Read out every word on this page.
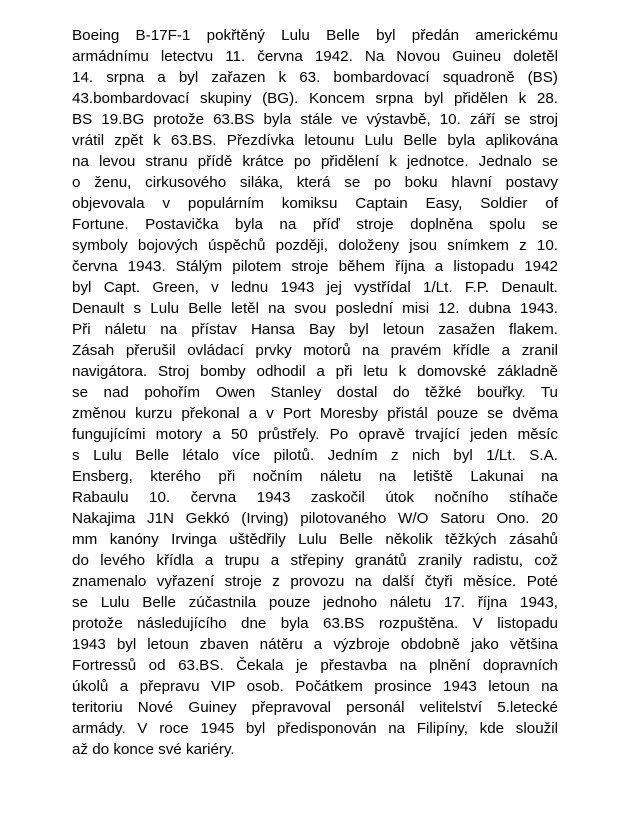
Boeing B-17F-1 pokřtěný Lulu Belle byl předán americkému
armádnímu letectvu 11. června 1942. Na Novou Guineu doletěl
14. srpna a byl zařazen k 63. bombardovací squadroně (BS)
43.bombardovací skupiny (BG). Koncem srpna byl přidělen k 28.
BS 19.BG protože 63.BS byla stále ve výstavbě, 10. září se stroj
vrátil zpět k 63.BS. Přezdívka letounu Lulu Belle byla aplikována
na levou stranu přídě krátce po přidělení k jednotce. Jednalo se
o ženu, cirkusového siláka, která se po boku hlavní postavy
objevovala v populárním komiksu Captain Easy, Soldier of
Fortune. Postavička byla na příď stroje doplněna spolu se
symboly bojových úspěchů později, doloženy jsou snímkem z 10.
června 1943. Stálým pilotem stroje během října a listopadu 1942
byl Capt. Green, v lednu 1943 jej vystřídal 1/Lt. F.P. Denault.
Denault s Lulu Belle letěl na svou poslední misi 12. dubna 1943.
Při náletu na přístav Hansa Bay byl letoun zasažen flakem.
Zásah přerušil ovládací prvky motorů na pravém křídle a zranil
navigátora. Stroj bomby odhodil a při letu k domovské základně
se nad pohořím Owen Stanley dostal do těžké bouřky. Tu
změnou kurzu překonal a v Port Moresby přistál pouze se dvěma
fungujícími motory a 50 průstřely. Po opravě trvající jeden měsíc
s Lulu Belle létalo více pilotů. Jedním z nich byl 1/Lt. S.A.
Ensberg, kterého při nočním náletu na letiště Lakunai na
Rabaulu 10. června 1943 zaskočil útok nočního stíhače
Nakajima J1N Gekkó (Irving) pilotovaného W/O Satoru Ono. 20
mm kanóny Irvinga uštědřily Lulu Belle několik těžkých zásahů
do levého křídla a trupu a střepiny granátů zranily radistu, což
znamenalo vyřazení stroje z provozu na další čtyři měsíce. Poté
se Lulu Belle zúčastnila pouze jednoho náletu 17. října 1943,
protože následujícího dne byla 63.BS rozpuštěna. V listopadu
1943 byl letoun zbaven nátěru a výzbroje obdobně jako většina
Fortressů od 63.BS. Čekala je přestavba na plnění dopravních
úkolů a přepravu VIP osob. Počátkem prosince 1943 letoun na
teritoriu Nové Guiney přepravoval personál velitelství 5.letecké
armády. V roce 1945 byl předisponován na Filipíny, kde sloužil
až do konce své kariéry.
